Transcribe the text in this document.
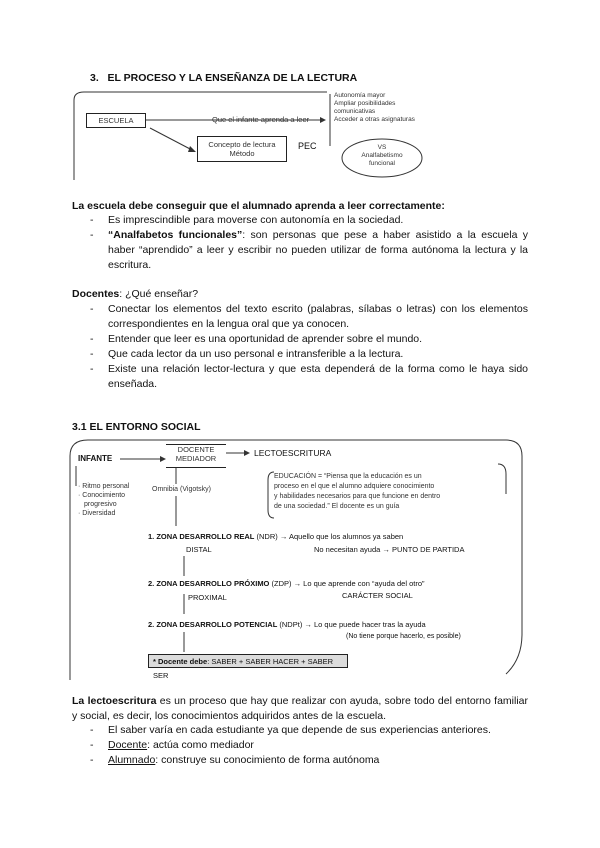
3. EL PROCESO Y LA ENSEÑANZA DE LA LECTURA
ESCUELA	Que el infante aprenda a leer
Autonomía mayor
Ampliar posibilidades
comunicativas
Acceder a otras asignaturas
Concepto de lectura
Método
PEC	VS
Analfabetismo
funcional
La escuela debe conseguir que el alumnado aprenda a leer correctamente:
- Es imprescindible para moverse con autonomía en la sociedad.
- “Analfabetos funcionales”: son personas que pese a haber asistido a la escuela y haber “aprendido” a leer y escribir no pueden utilizar de forma autónoma la lectura y la escritura.
Docentes: ¿Qué enseñar?
- Conectar los elementos del texto escrito (palabras, sílabas o letras) con los elementos correspondientes en la lengua oral que ya conocen.
- Entender que leer es una oportunidad de aprender sobre el mundo.
- Que cada lector da un uso personal e intransferible a la lectura.
- Existe una relación lector-lectura y que esta dependerá de la forma como le haya sido enseñada.
3.1 EL ENTORNO SOCIAL
INFANTE
DOCENTE
MEDIADOR
LECTOESCRITURA
· Ritmo personal
· Conocimiento
progresivo
· Diversidad
Omnibia (Vigotsky)
EDUCACIÓN = “Piensa que la educación es un
proceso en el que el alumno adquiere conocimiento
y habilidades necesarios para que funcione en dentro
de una sociedad.” El docente es un guía
1. ZONA DESARROLLO REAL (NDR) → Aquello que los alumnos ya saben
DISTAL	No necesitan ayuda → PUNTO DE PARTIDA
2. ZONA DESARROLLO PRÓXIMO (ZDP) → Lo que aprende con “ayuda del otro”
PROXIMAL	CARÁCTER SOCIAL
2. ZONA DESARROLLO POTENCIAL (NDPt) → Lo que puede hacer tras la ayuda
(No tiene porque hacerlo, es posible)
* Docente debe: SABER + SABER HACER + SABER SER
La lectoescritura es un proceso que hay que realizar con ayuda, sobre todo del entorno familiar y social, es decir, los conocimientos adquiridos antes de la escuela.
- El saber varía en cada estudiante ya que depende de sus experiencias anteriores.
- Docente: actúa como mediador
- Alumnado: construye su conocimiento de forma autónoma
